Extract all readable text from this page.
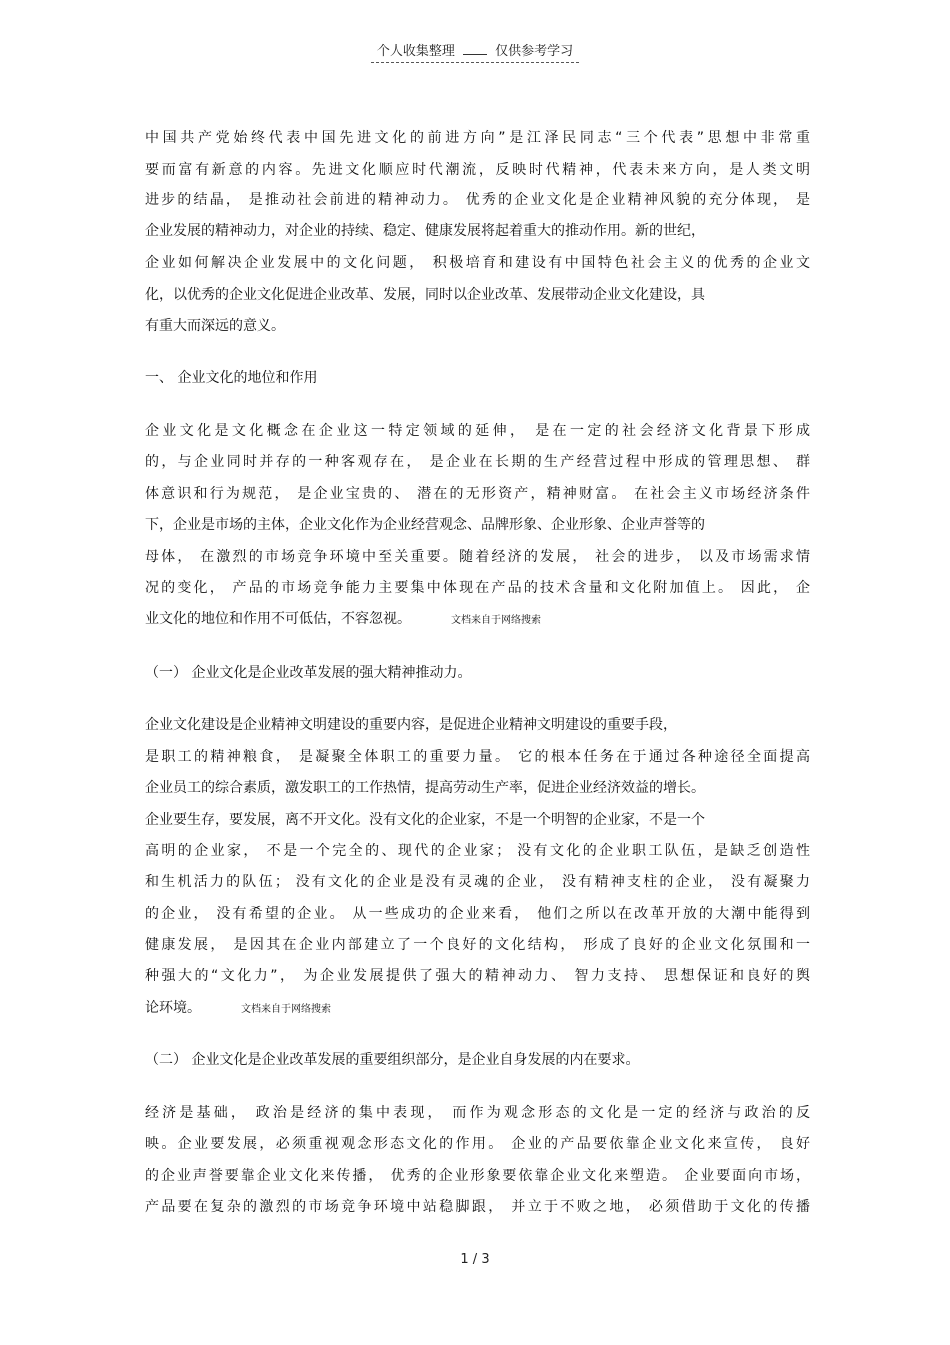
个人收集整理	仅供参考学习
中国共产党始终代表中国先进文化的前进方向”是江泽民同志“三个代表”思想中非常重
要而富有新意的内容。先进文化顺应时代潮流，反映时代精神，代表未来方向，是人类文明
进步的结晶， 是推动社会前进的精神动力。 优秀的企业文化是企业精神风貌的充分体现， 是
企业发展的精神动力，对企业的持续、稳定、健康发展将起着重大的推动作用。新的世纪，
企业如何解决企业发展中的文化问题， 积极培育和建设有中国特色社会主义的优秀的企业文
化，以优秀的企业文化促进企业改革、发展，同时以企业改革、发展带动企业文化建设，具
有重大而深远的意义。
一、 企业文化的地位和作用
企业文化是文化概念在企业这一特定领域的延伸， 是在一定的社会经济文化背景下形成
的，与企业同时并存的一种客观存在， 是企业在长期的生产经营过程中形成的管理思想、 群
体意识和行为规范， 是企业宝贵的、 潜在的无形资产，精神财富。 在社会主义市场经济条件
下，企业是市场的主体，企业文化作为企业经营观念、品牌形象、企业形象、企业声誉等的
母体， 在激烈的市场竞争环境中至关重要。随着经济的发展， 社会的进步， 以及市场需求情
况的变化， 产品的市场竞争能力主要集中体现在产品的技术含量和文化附加值上。 因此， 企
业文化的地位和作用不可低估，不容忽视。	文档来自于网络搜索
（一） 企业文化是企业改革发展的强大精神推动力。
企业文化建设是企业精神文明建设的重要内容，是促进企业精神文明建设的重要手段，
是职工的精神粮食， 是凝聚全体职工的重要力量。 它的根本任务在于通过各种途径全面提高
企业员工的综合素质，激发职工的工作热情，提高劳动生产率，促进企业经济效益的增长。
企业要生存，要发展，离不开文化。没有文化的企业家，不是一个明智的企业家，不是一个
高明的企业家， 不是一个完全的、现代的企业家； 没有文化的企业职工队伍，是缺乏创造性
和生机活力的队伍； 没有文化的企业是没有灵魂的企业， 没有精神支柱的企业， 没有凝聚力
的企业， 没有希望的企业。 从一些成功的企业来看， 他们之所以在改革开放的大潮中能得到
健康发展， 是因其在企业内部建立了一个良好的文化结构， 形成了良好的企业文化氛围和一
种强大的“文化力”， 为企业发展提供了强大的精神动力、 智力支持、 思想保证和良好的舆
论环境。	文档来自于网络搜索
（二） 企业文化是企业改革发展的重要组织部分，是企业自身发展的内在要求。
经济是基础， 政治是经济的集中表现， 而作为观念形态的文化是一定的经济与政治的反
映。企业要发展，必须重视观念形态文化的作用。 企业的产品要依靠企业文化来宣传， 良好
的企业声誉要靠企业文化来传播， 优秀的企业形象要依靠企业文化来塑造。 企业要面向市场，
产品要在复杂的激烈的市场竞争环境中站稳脚跟， 并立于不败之地， 必须借助于文化的传播
1 / 3
